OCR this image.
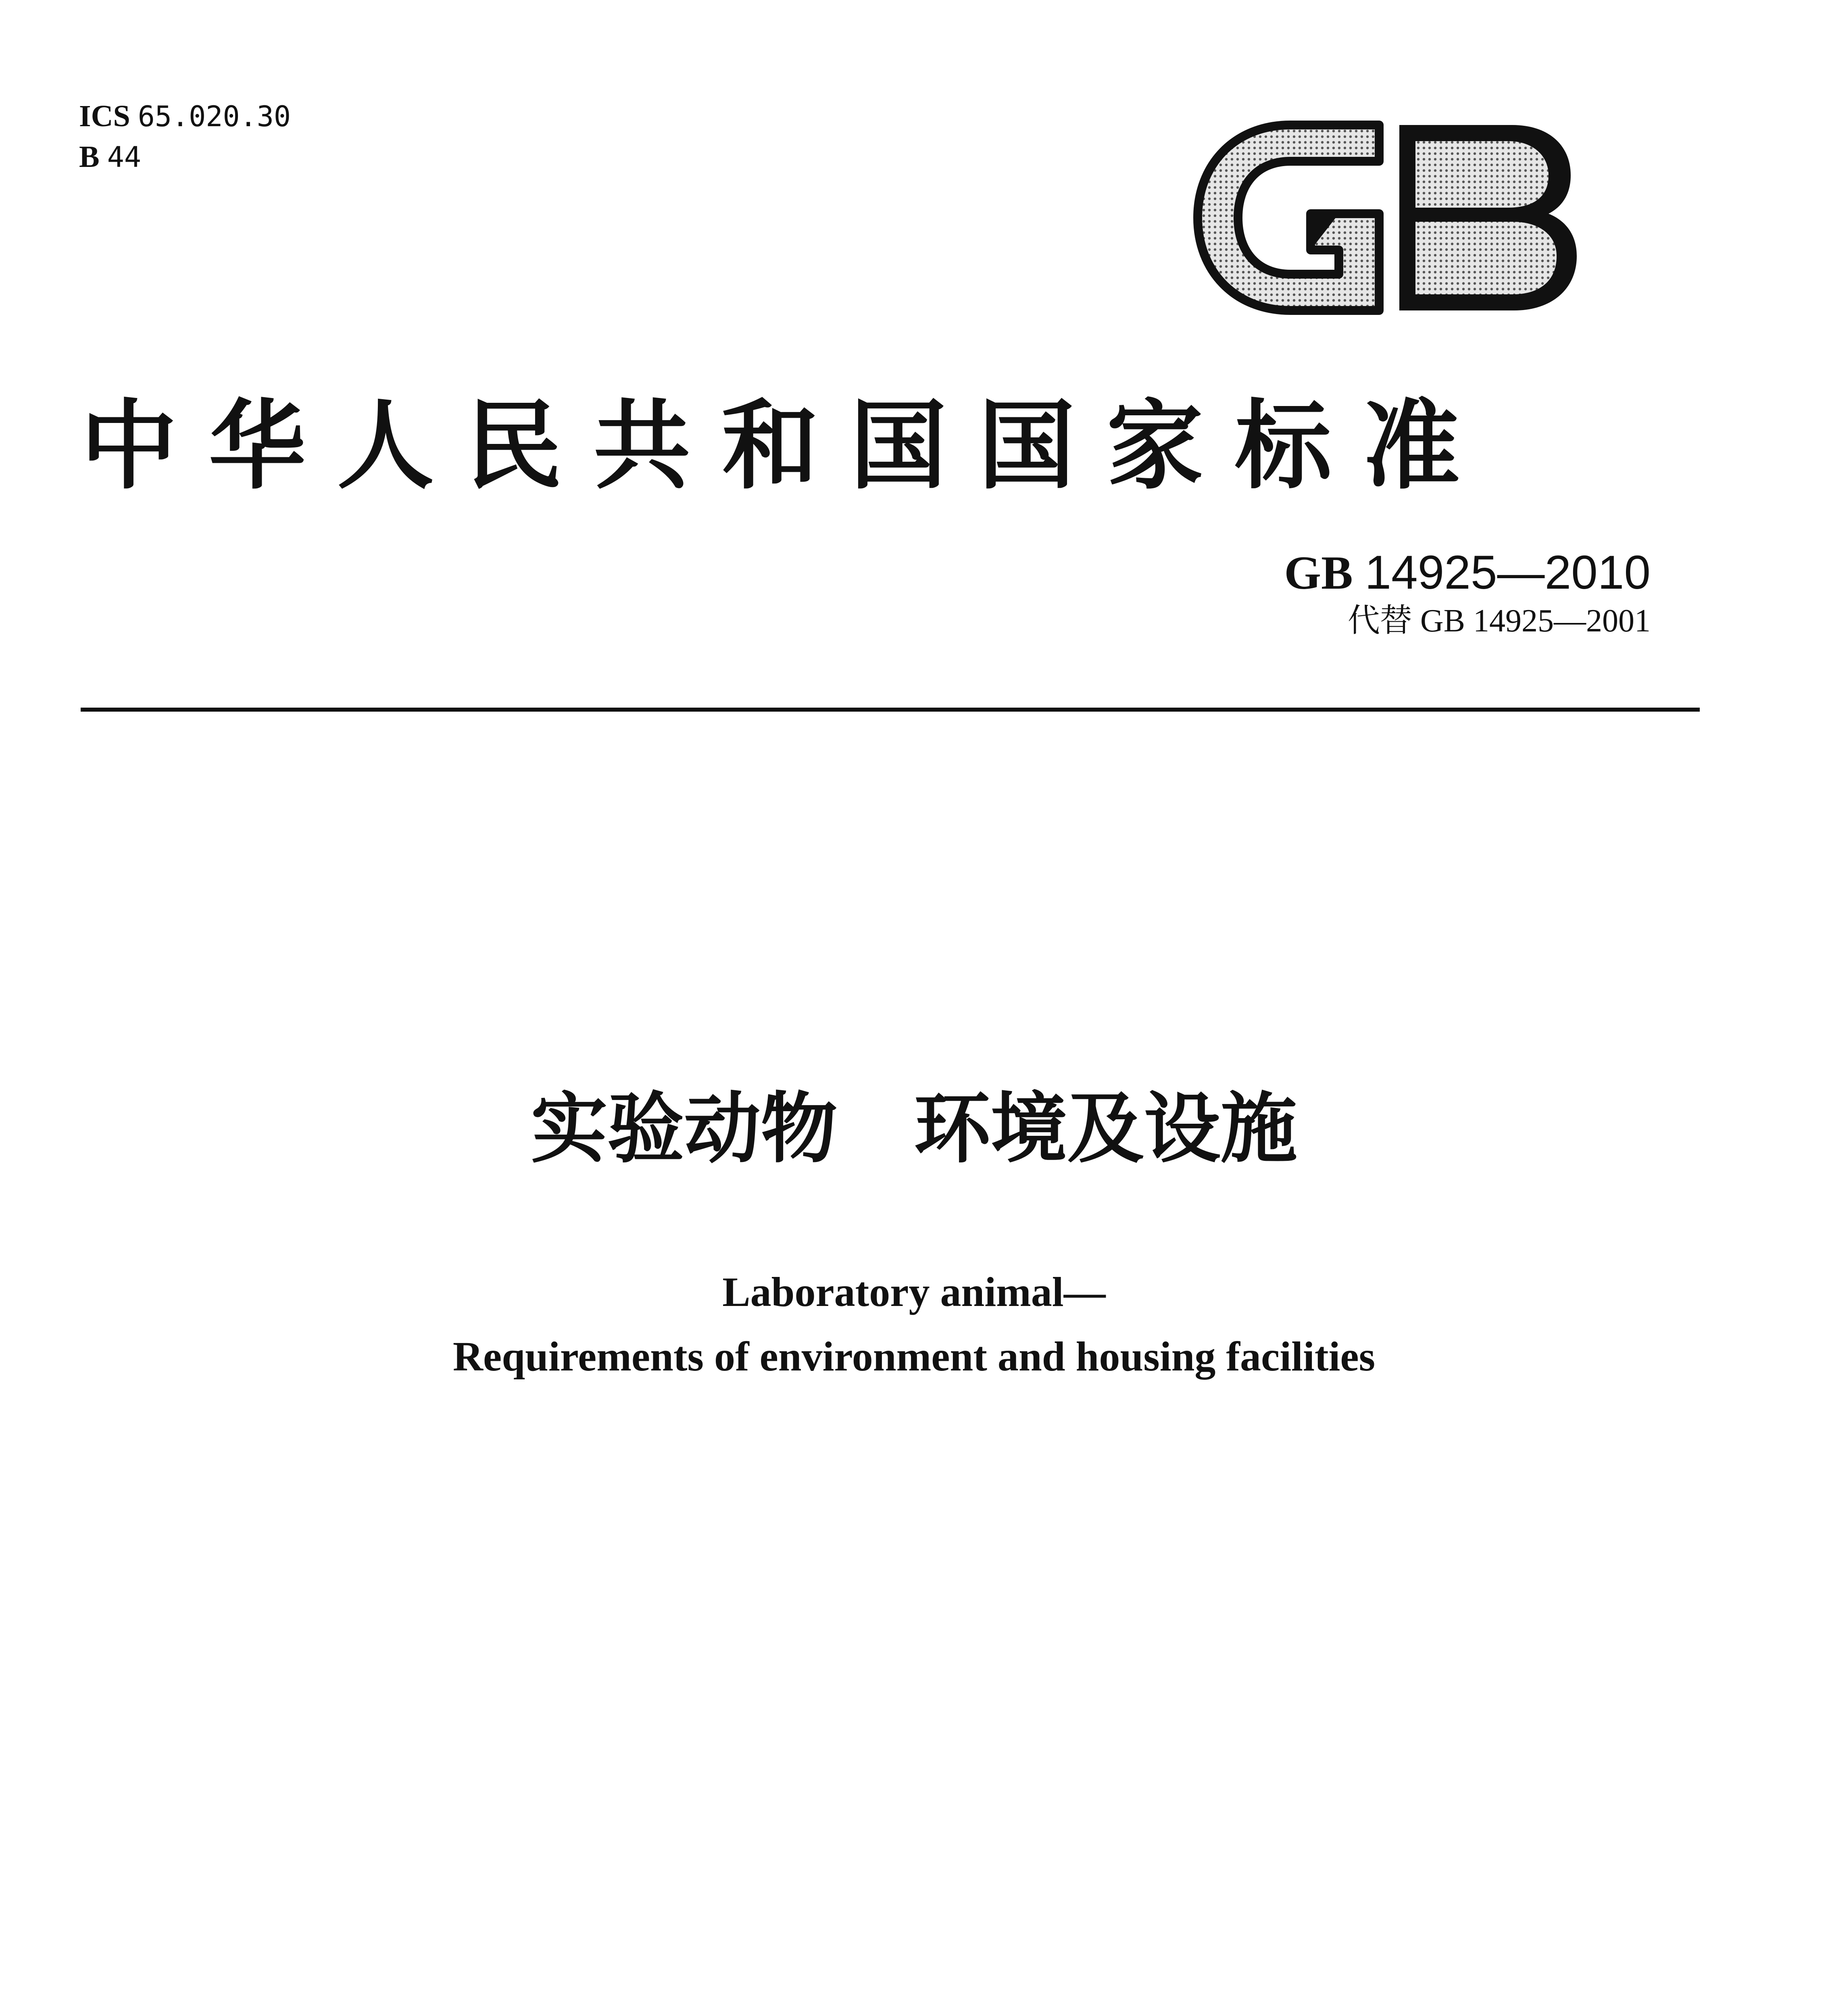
ICS 65.020.30
B 44
中华人民共和国国家标准
GB 14925—2010
代替 GB 14925—2001
实验动物　环境及设施
Laboratory animal—
Requirements of environment and housing facilities
